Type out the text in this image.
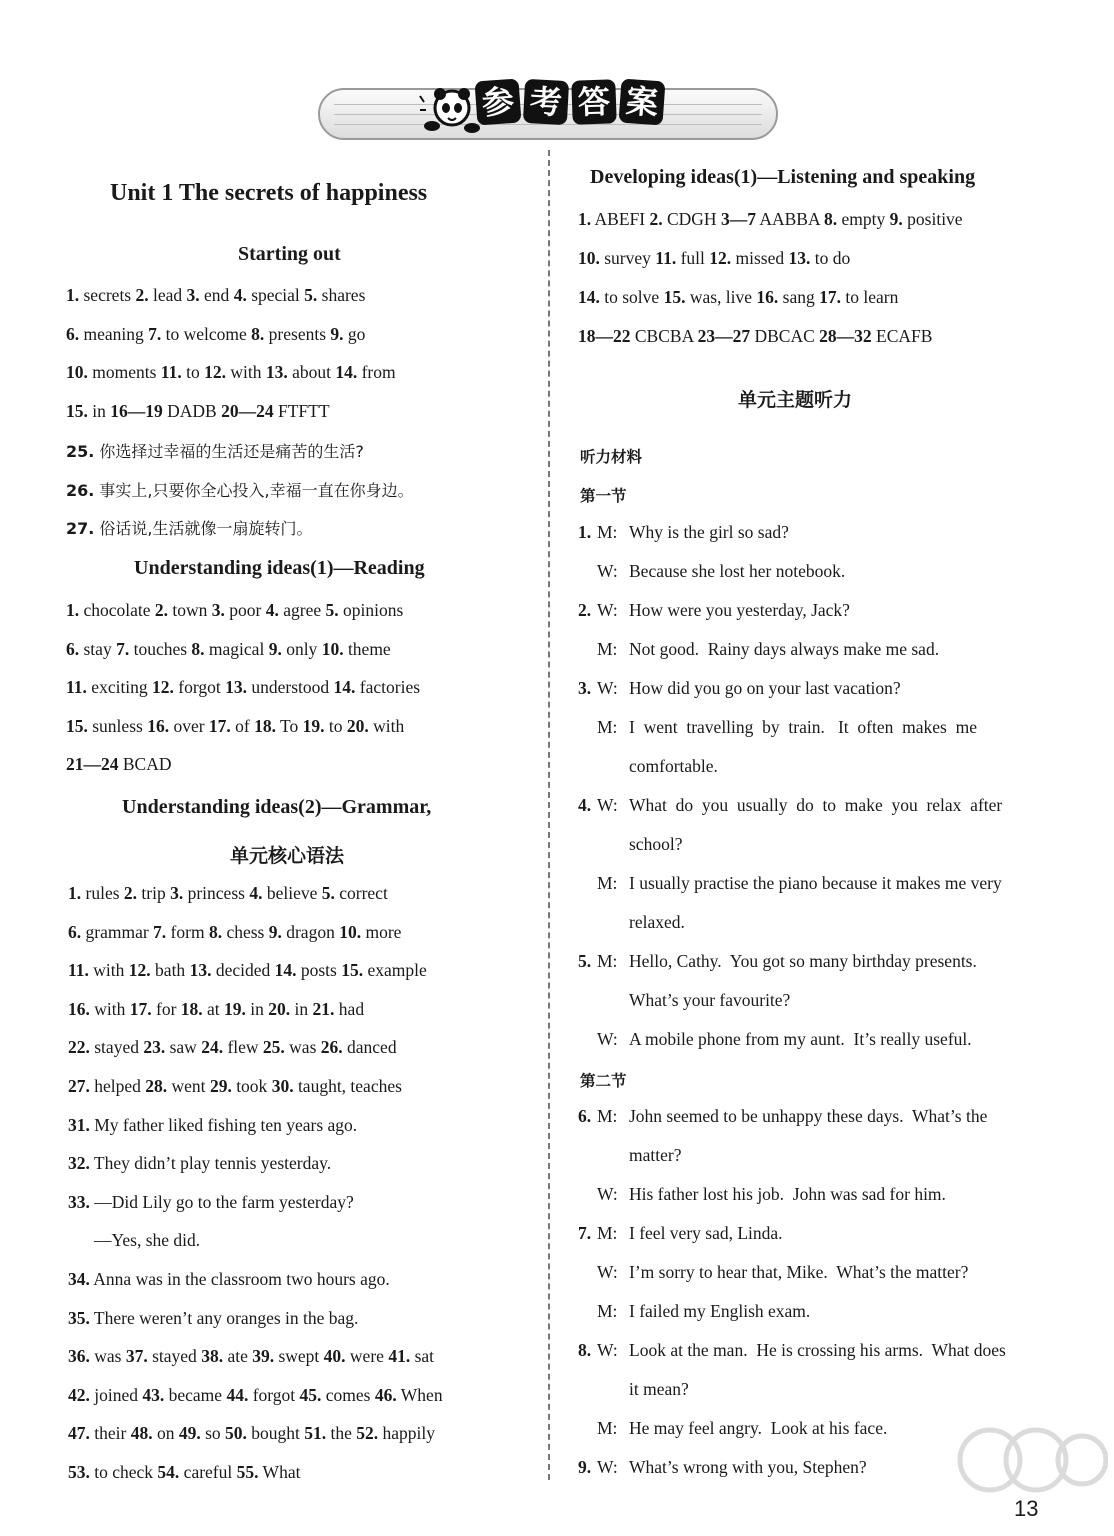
参 考 答 案
Unit 1 The secrets of happiness
Starting out
1. secrets 2. lead 3. end 4. special 5. shares
6. meaning 7. to welcome 8. presents 9. go
10. moments 11. to 12. with 13. about 14. from
15. in 16—19 DADB 20—24 FTFTT
25. 你选择过幸福的生活还是痛苦的生活?
26. 事实上,只要你全心投入,幸福一直在你身边。
27. 俗话说,生活就像一扇旋转门。
Understanding ideas(1)—Reading
1. chocolate 2. town 3. poor 4. agree 5. opinions
6. stay 7. touches 8. magical 9. only 10. theme
11. exciting 12. forgot 13. understood 14. factories
15. sunless 16. over 17. of 18. To 19. to 20. with
21—24 BCAD
Understanding ideas(2)—Grammar,
单元核心语法
1. rules 2. trip 3. princess 4. believe 5. correct
6. grammar 7. form 8. chess 9. dragon 10. more
11. with 12. bath 13. decided 14. posts 15. example
16. with 17. for 18. at 19. in 20. in 21. had
22. stayed 23. saw 24. flew 25. was 26. danced
27. helped 28. went 29. took 30. taught, teaches
31. My father liked fishing ten years ago.
32. They didn’t play tennis yesterday.
33. —Did Lily go to the farm yesterday?
—Yes, she did.
34. Anna was in the classroom two hours ago.
35. There weren’t any oranges in the bag.
36. was 37. stayed 38. ate 39. swept 40. were 41. sat
42. joined 43. became 44. forgot 45. comes 46. When
47. their 48. on 49. so 50. bought 51. the 52. happily
53. to check 54. careful 55. What
Developing ideas(1)—Listening and speaking
1. ABEFI 2. CDGH 3—7 AABBA 8. empty 9. positive
10. survey 11. full 12. missed 13. to do
14. to solve 15. was, live 16. sang 17. to learn
18—22 CBCBA 23—27 DBCAC 28—32 ECAFB
单元主题听力
听力材料
第一节
第二节
1. M: Why is the girl so sad?
W: Because she lost her notebook.
2. W: How were you yesterday, Jack?
M: Not good.  Rainy days always make me sad.
3. W: How did you go on your last vacation?
M: I  went  travelling  by  train.   It  often  makes  me
comfortable.
4. W: What  do  you  usually  do  to  make  you  relax  after
school?
M: I usually practise the piano because it makes me very
relaxed.
5. M: Hello, Cathy.  You got so many birthday presents.
What’s your favourite?
W: A mobile phone from my aunt.  It’s really useful.
6. M: John seemed to be unhappy these days.  What’s the
matter?
W: His father lost his job.  John was sad for him.
7. M: I feel very sad, Linda.
W: I’m sorry to hear that, Mike.  What’s the matter?
M: I failed my English exam.
8. W: Look at the man.  He is crossing his arms.  What does
it mean?
M: He may feel angry.  Look at his face.
9. W: What’s wrong with you, Stephen?
13
